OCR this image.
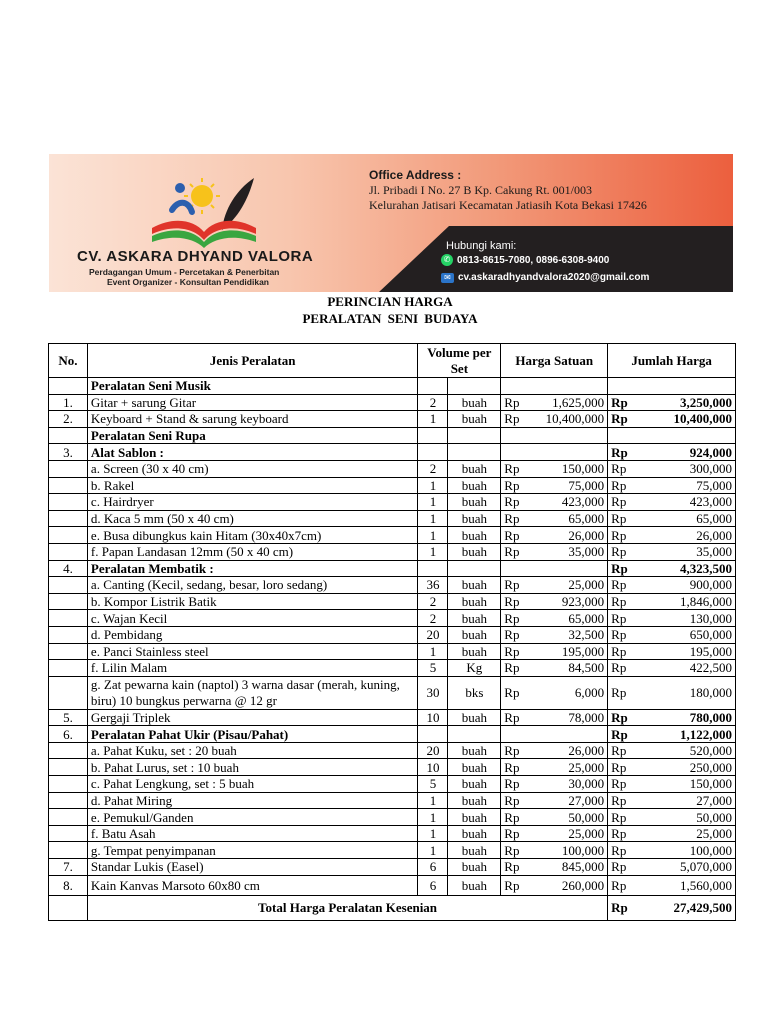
CV. ASKARA DHYAND VALORA
Perdagangan Umum - Percetakan & Penerbitan
Event Organizer - Konsultan Pendidikan
Office Address :
Jl. Pribadi I No. 27 B Kp. Cakung Rt. 001/003
Kelurahan Jatisari Kecamatan Jatiasih Kota Bekasi 17426
Hubungi kami:
✆ 0813-8615-7080, 0896-6308-9400
✉ cv.askaradhyandvalora2020@gmail.com
PERINCIAN HARGA
PERALATAN SENI BUDAYA
No.	Jenis Peralatan	Volume per Set		Harga Satuan	Jumlah Harga
	Peralatan Seni Musik				
1.	Gitar + sarung Gitar	2	buah	Rp 1,625,000	Rp 3,250,000

2.	Keyboard + Stand & sarung keyboard	1	buah	Rp 10,400,000	Rp 10,400,000

	Peralatan Seni Rupa				
3.	Alat Sablon :				Rp 924,000

	a. Screen (30 x 40 cm)	2	buah	Rp 150,000	Rp 300,000

	b. Rakel	1	buah	Rp 75,000	Rp 75,000

	c. Hairdryer	1	buah	Rp 423,000	Rp 423,000

	d. Kaca 5 mm (50 x 40 cm)	1	buah	Rp 65,000	Rp 65,000

	e. Busa dibungkus kain Hitam (30x40x7cm)	1	buah	Rp 26,000	Rp 26,000

	f. Papan Landasan 12mm (50 x 40 cm)	1	buah	Rp 35,000	Rp 35,000

4.	Peralatan Membatik :				Rp 4,323,500

	a. Canting (Kecil, sedang, besar, loro sedang)	36	buah	Rp 25,000	Rp 900,000

	b. Kompor Listrik Batik	2	buah	Rp 923,000	Rp 1,846,000

	c. Wajan Kecil	2	buah	Rp 65,000	Rp 130,000

	d. Pembidang	20	buah	Rp 32,500	Rp 650,000

	e. Panci Stainless steel	1	buah	Rp 195,000	Rp 195,000

	f. Lilin Malam	5	Kg	Rp 84,500	Rp 422,500

	g. Zat pewarna kain (naptol) 3 warna dasar (merah, kuning, biru) 10 bungkus perwarna @ 12 gr	30	bks	Rp 6,000	Rp 180,000

5.	Gergaji Triplek	10	buah	Rp 78,000	Rp 780,000

6.	Peralatan Pahat Ukir (Pisau/Pahat)				Rp 1,122,000

	a. Pahat Kuku, set : 20 buah	20	buah	Rp 26,000	Rp 520,000

	b. Pahat Lurus, set : 10 buah	10	buah	Rp 25,000	Rp 250,000

	c. Pahat Lengkung, set : 5 buah	5	buah	Rp 30,000	Rp 150,000

	d. Pahat Miring	1	buah	Rp 27,000	Rp 27,000

	e. Pemukul/Ganden	1	buah	Rp 50,000	Rp 50,000

	f. Batu Asah	1	buah	Rp 25,000	Rp 25,000

	g. Tempat penyimpanan	1	buah	Rp 100,000	Rp 100,000

7.	Standar Lukis (Easel)	6	buah	Rp 845,000	Rp 5,070,000

8.	Kain Kanvas Marsoto 60x80 cm	6	buah	Rp 260,000	Rp 1,560,000

	Total Harga Peralatan Kesenian				Rp 27,429,500
